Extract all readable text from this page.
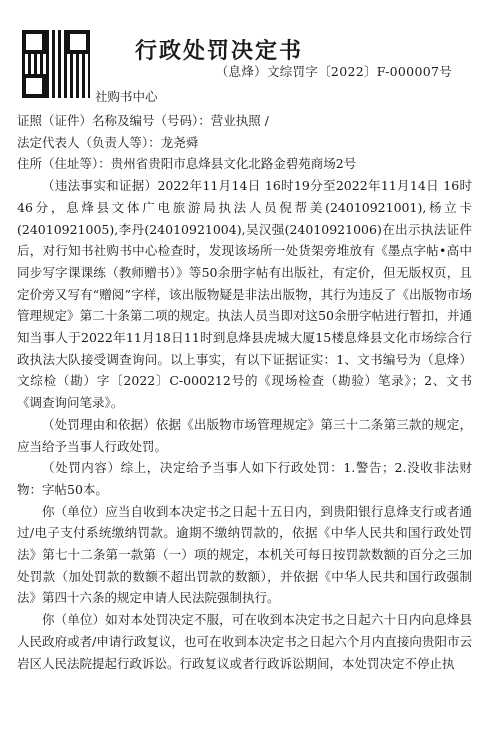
行政处罚决定书
（息烽）文综罚字〔2022〕F-000007号
社购书中心

证照（证件）名称及编号（号码）：营业执照 /

法定代表人（负责人等）：龙尧舜

住所（住址等）：贵州省贵阳市息烽县文化北路金碧苑商场2号

（违法事实和证据）2022年11月14日 16时19分至2022年11月14日 16时46分，息烽县文体广电旅游局执法人员倪帮美(24010921001),杨立卡(24010921005),李丹(24010921004),吴汉强(24010921006)在出示执法证件后，对行知书社购书中心检查时，发现该场所一处货架旁堆放有《墨点字帖•高中同步写字课课练（教师赠书）》等50余册字帖有出版社，有定价，但无版权页，且定价旁又写有“赠阅”字样，该出版物疑是非法出版物，其行为违反了《出版物市场管理规定》第二十条第二项的规定。执法人员当即对这50余册字帖进行暂扣，并通知当事人于2022年11月18日11时到息烽县虎城大厦15楼息烽县文化市场综合行政执法大队接受调查询问。以上事实，有以下证据证实：1、文书编号为（息烽）文综检（勘）字〔2022〕C-000212号的《现场检查（勘验）笔录》；2、文书《调查询问笔录》。

（处罚理由和依据）依据《出版物市场管理规定》第三十二条第三款的规定，应当给予当事人行政处罚。

（处罚内容）综上，决定给予当事人如下行政处罚：1.警告；2.没收非法财物：字帖50本。

你（单位）应当自收到本决定书之日起十五日内，到贵阳银行息烽支行或者通过/电子支付系统缴纳罚款。逾期不缴纳罚款的，依据《中华人民共和国行政处罚法》第七十二条第一款第（一）项的规定，本机关可每日按罚款数额的百分之三加处罚款（加处罚款的数额不超出罚款的数额），并依据《中华人民共和国行政强制法》第四十六条的规定申请人民法院强制执行。

你（单位）如对本处罚决定不服，可在收到本决定书之日起六十日内向息烽县人民政府或者/申请行政复议，也可在收到本决定书之日起六个月内直接向贵阳市云岩区人民法院提起行政诉讼。行政复议或者行政诉讼期间，本处罚决定不停止执
